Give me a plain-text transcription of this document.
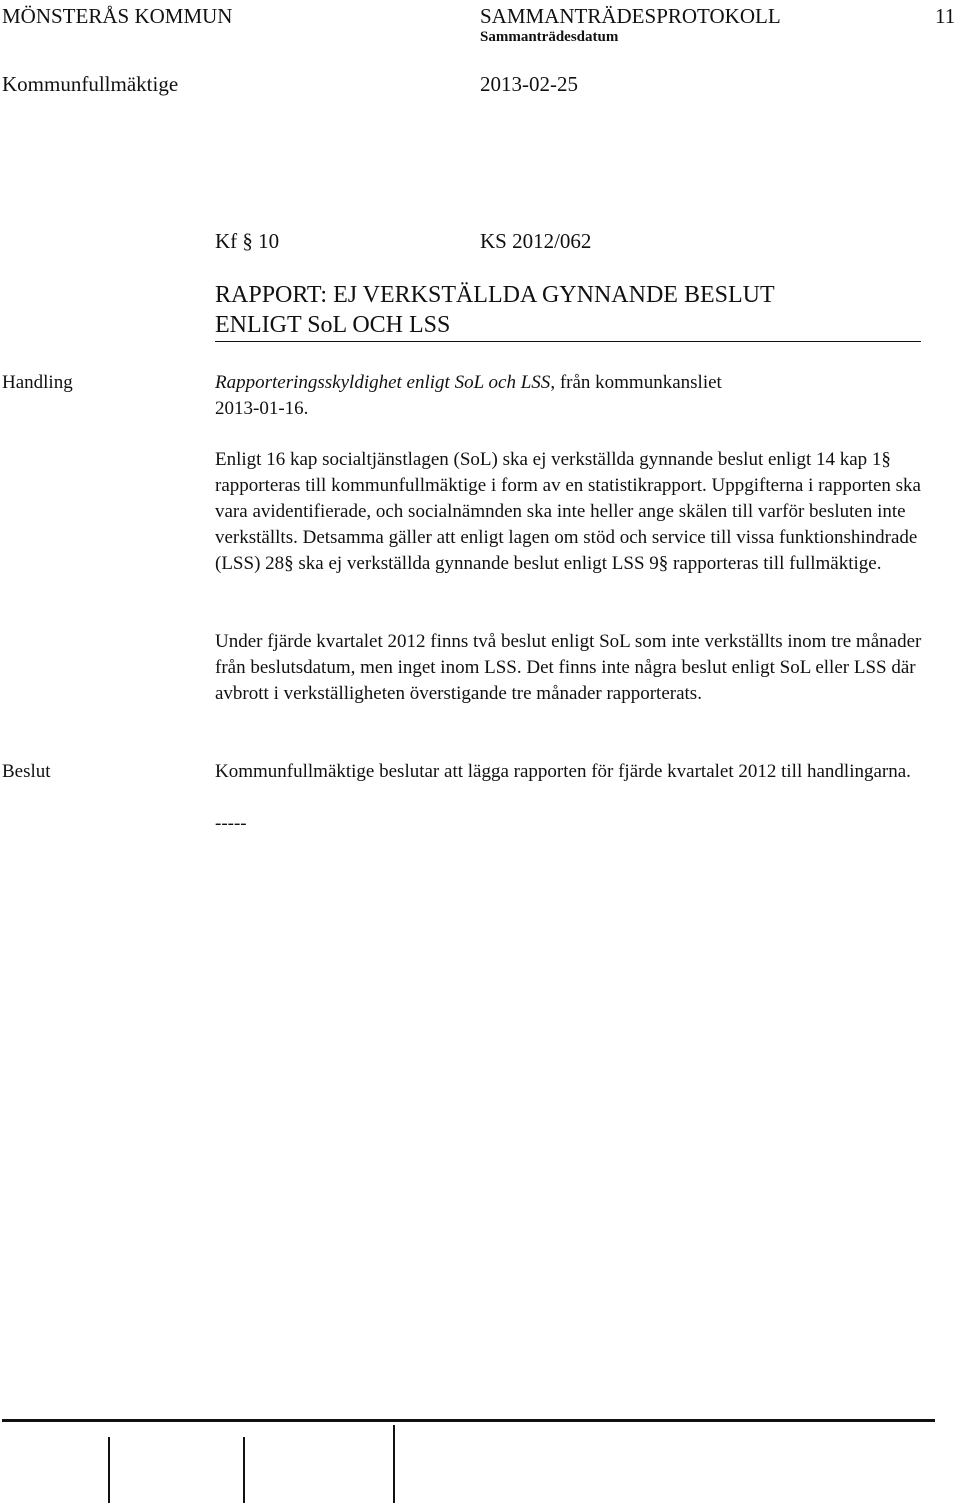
MÖNSTERÅS KOMMUN	SAMMANTRÄDESPROTOKOLL	11
Sammanträdesdatum
Kommunfullmäktige	2013-02-25
Kf § 10	KS 2012/062
RAPPORT: EJ VERKSTÄLLDA GYNNANDE BESLUT
ENLIGT SoL OCH LSS
Handling	Rapporteringsskyldighet enligt SoL och LSS, från kommunkansliet
2013-01-16.
Enligt 16 kap socialtjänstlagen (SoL) ska ej verkställda gynnande beslut enligt 14 kap 1§ rapporteras till kommunfullmäktige i form av en statistikrapport. Uppgifterna i rapporten ska vara avidentifierade, och socialnämnden ska inte heller ange skälen till varför besluten inte verkställts. Detsamma gäller att enligt lagen om stöd och service till vissa funktionshindrade (LSS) 28§ ska ej verkställda gynnande beslut enligt LSS 9§ rapporteras till fullmäktige.
Under fjärde kvartalet 2012 finns två beslut enligt SoL som inte verkställts inom tre månader från beslutsdatum, men inget inom LSS. Det finns inte några beslut enligt SoL eller LSS där avbrott i verkställigheten överstigande tre månader rapporterats.
Beslut	Kommunfullmäktige beslutar att lägga rapporten för fjärde kvartalet 2012 till handlingarna.
-----
